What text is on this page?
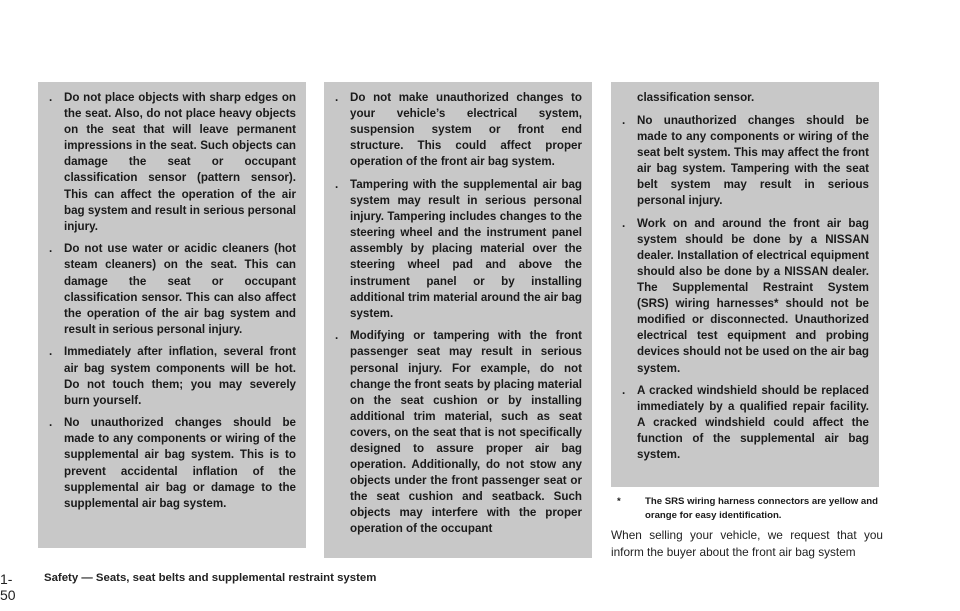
. Do not place objects with sharp edges on the seat. Also, do not place heavy objects on the seat that will leave permanent impressions in the seat. Such objects can damage the seat or occupant classification sensor (pattern sensor). This can affect the operation of the air bag system and result in serious personal injury.
. Do not use water or acidic cleaners (hot steam cleaners) on the seat. This can damage the seat or occupant classification sensor. This can also affect the operation of the air bag system and result in serious personal injury.
. Immediately after inflation, several front air bag system components will be hot. Do not touch them; you may severely burn yourself.
. No unauthorized changes should be made to any components or wiring of the supplemental air bag system. This is to prevent accidental inflation of the supplemental air bag or damage to the supplemental air bag system.
. Do not make unauthorized changes to your vehicle’s electrical system, suspension system or front end structure. This could affect proper operation of the front air bag system.
. Tampering with the supplemental air bag system may result in serious personal injury. Tampering includes changes to the steering wheel and the instrument panel assembly by placing material over the steering wheel pad and above the instrument panel or by installing additional trim material around the air bag system.
. Modifying or tampering with the front passenger seat may result in serious personal injury. For example, do not change the front seats by placing material on the seat cushion or by installing additional trim material, such as seat covers, on the seat that is not specifically designed to assure proper air bag operation. Additionally, do not stow any objects under the front passenger seat or the seat cushion and seatback. Such objects may interfere with the proper operation of the occupant
classification sensor.
. No unauthorized changes should be made to any components or wiring of the seat belt system. This may affect the front air bag system. Tampering with the seat belt system may result in serious personal injury.
. Work on and around the front air bag system should be done by a NISSAN dealer. Installation of electrical equipment should also be done by a NISSAN dealer. The Supplemental Restraint System (SRS) wiring harnesses* should not be modified or disconnected. Unauthorized electrical test equipment and probing devices should not be used on the air bag system.
. A cracked windshield should be replaced immediately by a qualified repair facility. A cracked windshield could affect the function of the supplemental air bag system.
*	The SRS wiring harness connectors are yellow and orange for easy identification.
When selling your vehicle, we request that you inform the buyer about the front air bag system
1-50
Safety — Seats, seat belts and supplemental restraint system
